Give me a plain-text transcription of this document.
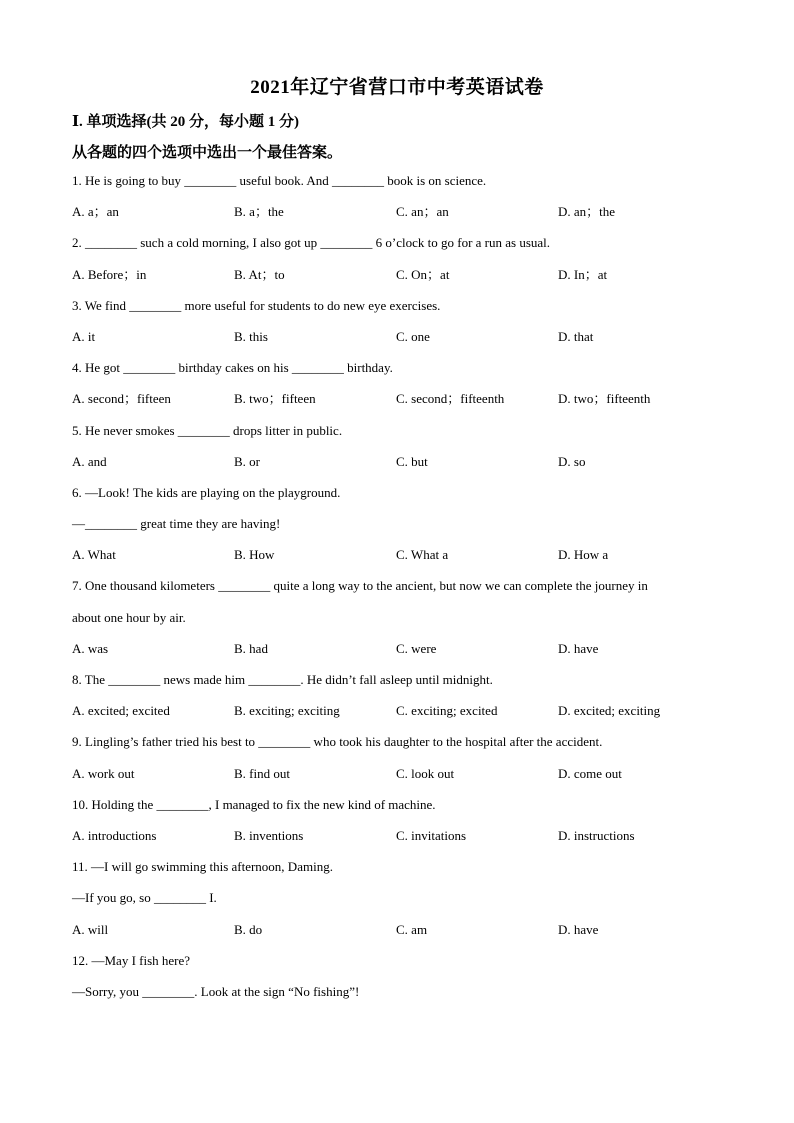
2021年辽宁省营口市中考英语试卷
Ⅰ. 单项选择(共 20 分，每小题 1 分)
从各题的四个选项中选出一个最佳答案。
1. He is going to buy ________ useful book. And ________ book is on science.
A. a；an	B. a；the	C. an；an	D. an；the
2. ________ such a cold morning, I also got up ________ 6 o’clock to go for a run as usual.
A. Before；in	B. At；to	C. On；at	D. In；at
3. We find ________ more useful for students to do new eye exercises.
A. it	B. this	C. one	D. that
4. He got ________ birthday cakes on his ________ birthday.
A. second；fifteen	B. two；fifteen	C. second；fifteenth	D. two；fifteenth
5. He never smokes ________ drops litter in public.
A. and	B. or	C. but	D. so
6. —Look! The kids are playing on the playground.
—________ great time they are having!
A. What	B. How	C. What a	D. How a
7. One thousand kilometers ________ quite a long way to the ancient, but now we can complete the journey in
about one hour by air.
A. was	B. had	C. were	D. have
8. The ________ news made him ________. He didn’t fall asleep until midnight.
A. excited; excited	B. exciting; exciting	C. exciting; excited	D. excited; exciting
9. Lingling’s father tried his best to ________ who took his daughter to the hospital after the accident.
A. work out	B. find out	C. look out	D. come out
10. Holding the ________, I managed to fix the new kind of machine.
A. introductions	B. inventions	C. invitations	D. instructions
11. —I will go swimming this afternoon, Daming.
—If you go, so ________ I.
A. will	B. do	C. am	D. have
12. —May I fish here?
—Sorry, you ________. Look at the sign “No fishing”!
